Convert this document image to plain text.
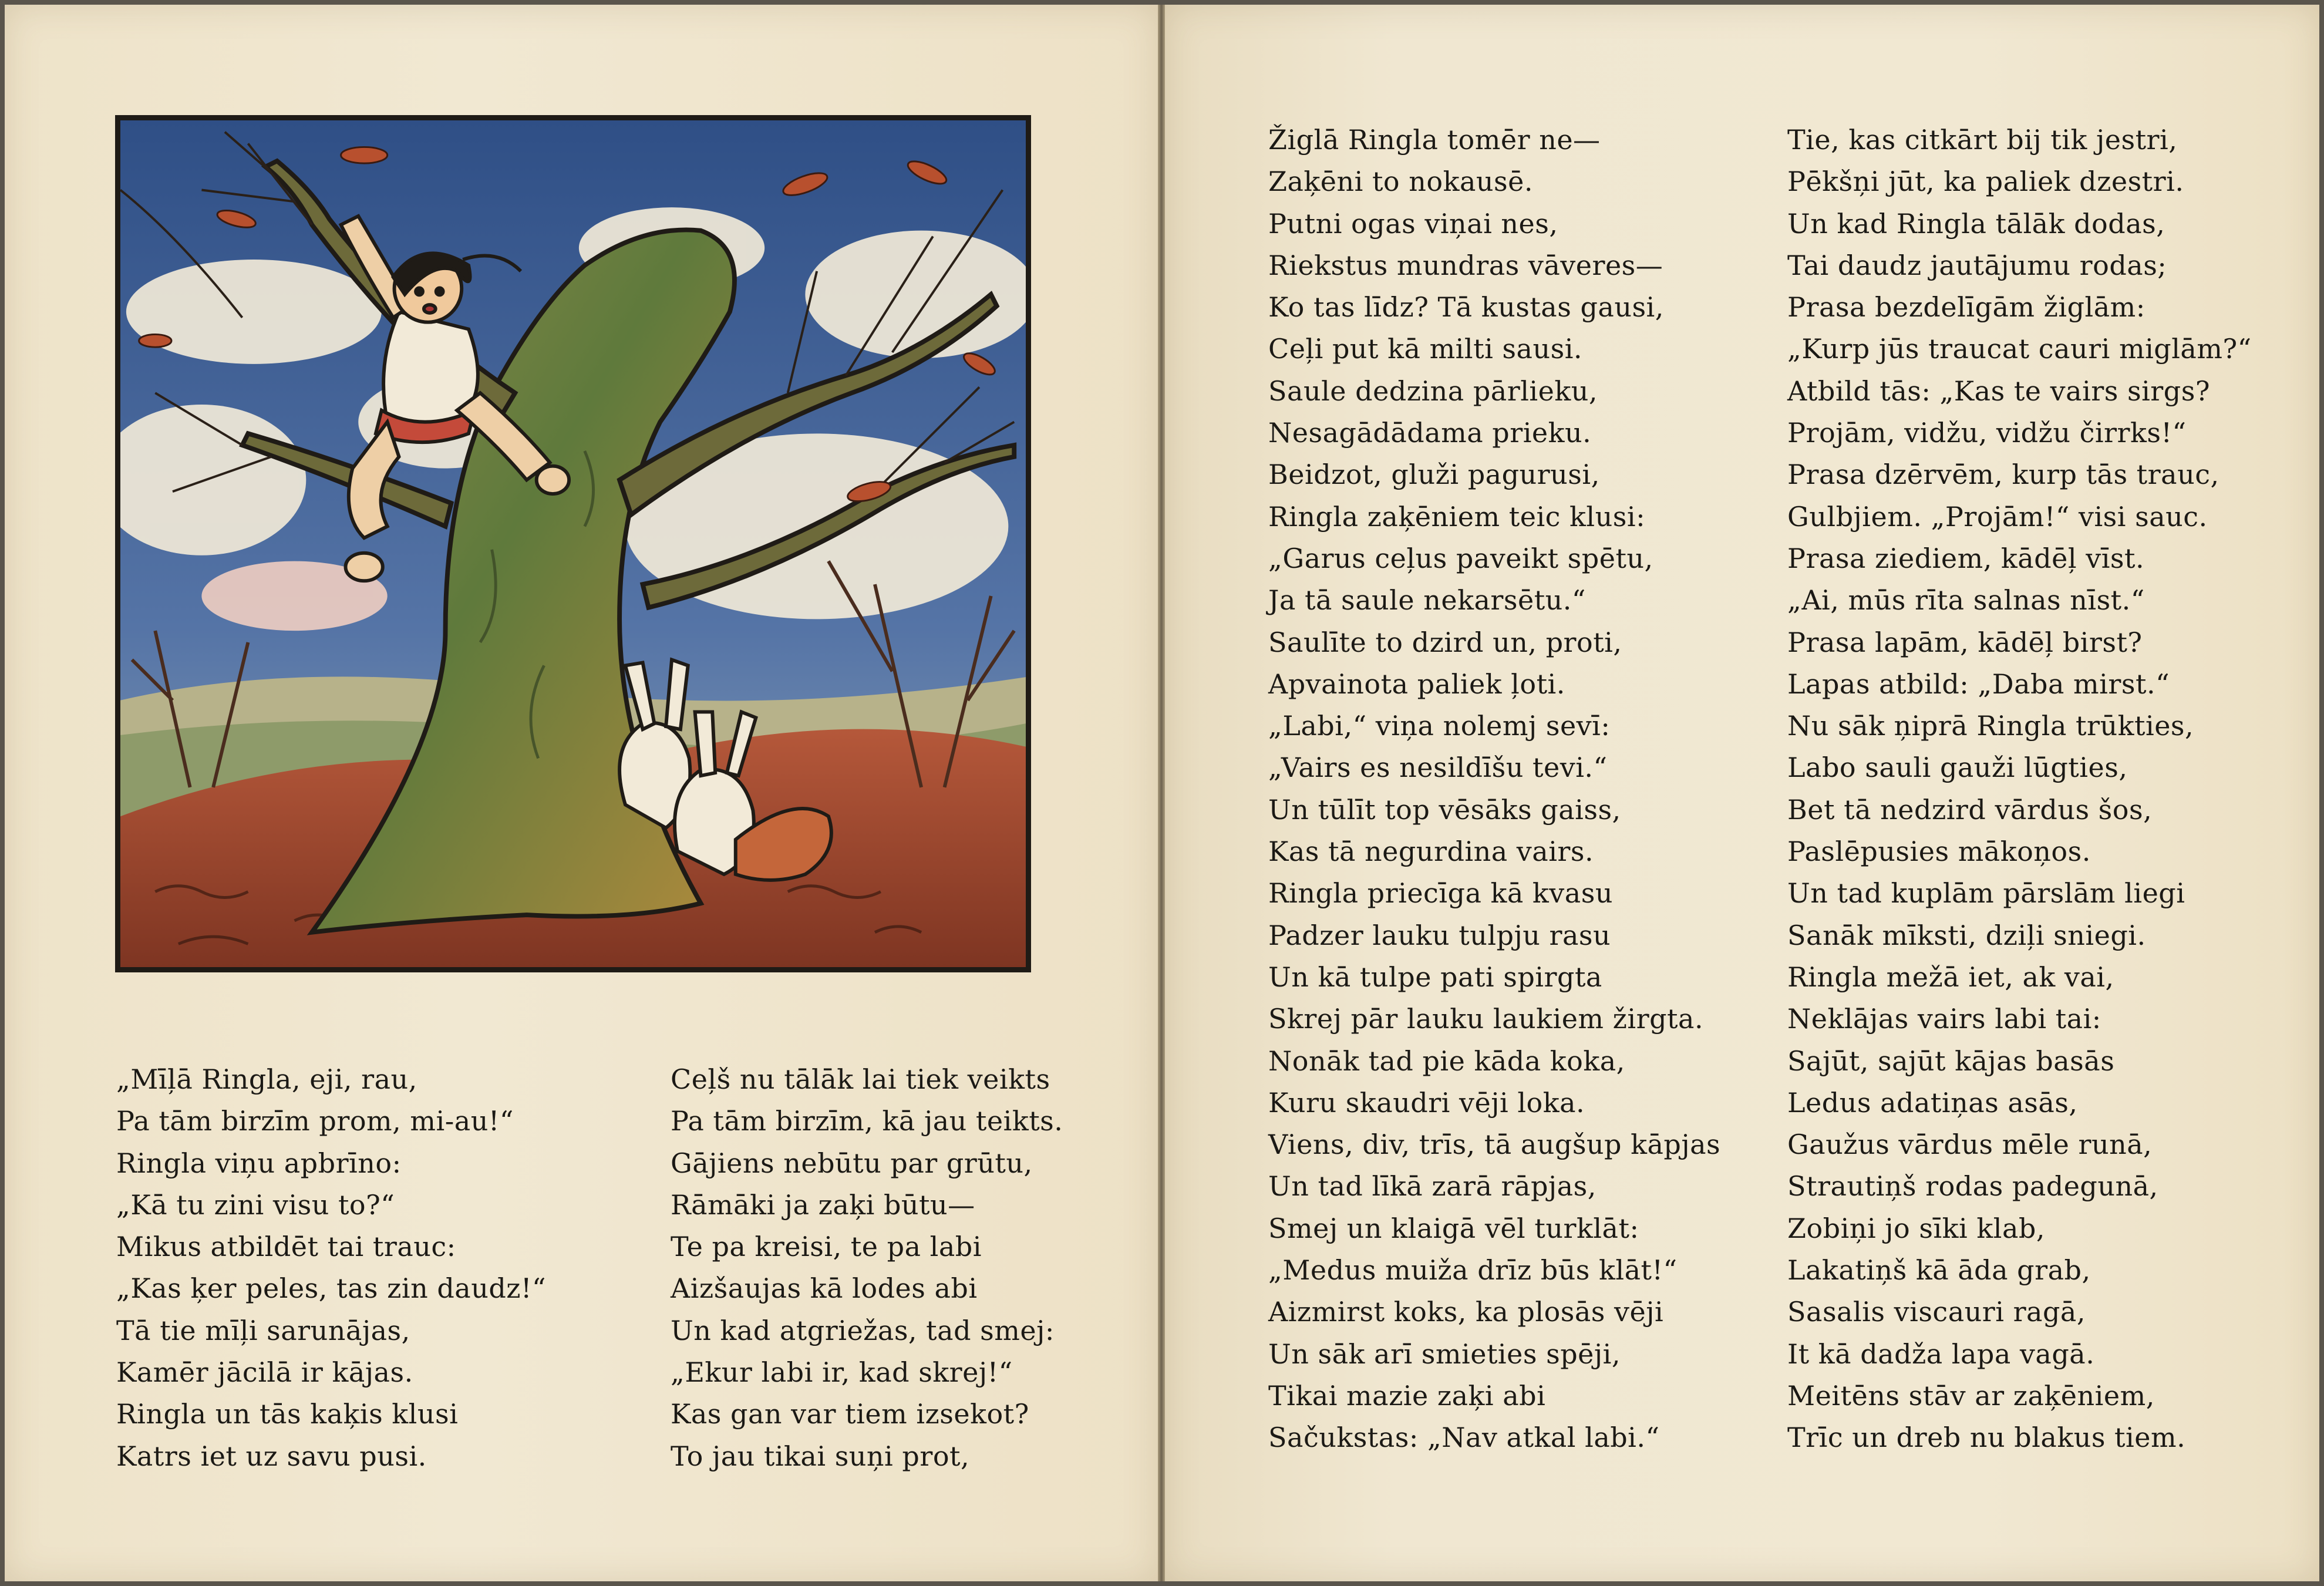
„Mīļā Ringla, eji, rau,
Pa tām birzīm prom, mi-au!“
Ringla viņu apbrīno:
„Kā tu zini visu to?“
Mikus atbildēt tai trauc:
„Kas ķer peles, tas zin daudz!“
Tā tie mīļi sarunājas,
Kamēr jācilā ir kājas.
Ringla un tās kaķis klusi
Katrs iet uz savu pusi.
Ceļš nu tālāk lai tiek veikts
Pa tām birzīm, kā jau teikts.
Gājiens nebūtu par grūtu,
Rāmāki ja zaķi būtu—
Te pa kreisi, te pa labi
Aizšaujas kā lodes abi
Un kad atgriežas, tad smej:
„Ekur labi ir, kad skrej!“
Kas gan var tiem izsekot?
To jau tikai suņi prot,
Žiglā Ringla tomēr ne—
Zaķēni to nokausē.
Putni ogas viņai nes,
Riekstus mundras vāveres—
Ko tas līdz? Tā kustas gausi,
Ceļi put kā milti sausi.
Saule dedzina pārlieku,
Nesagādādama prieku.
Beidzot, gluži pagurusi,
Ringla zaķēniem teic klusi:
„Garus ceļus paveikt spētu,
Ja tā saule nekarsētu.“
Saulīte to dzird un, proti,
Apvainota paliek ļoti.
„Labi,“ viņa nolemj sevī:
„Vairs es nesildīšu tevi.“
Un tūlīt top vēsāks gaiss,
Kas tā negurdina vairs.
Ringla priecīga kā kvasu
Padzer lauku tulpju rasu
Un kā tulpe pati spirgta
Skrej pār lauku laukiem žirgta.
Nonāk tad pie kāda koka,
Kuru skaudri vēji loka.
Viens, div, trīs, tā augšup kāpjas
Un tad līkā zarā rāpjas,
Smej un klaigā vēl turklāt:
„Medus muiža drīz būs klāt!“
Aizmirst koks, ka plosās vēji
Un sāk arī smieties spēji,
Tikai mazie zaķi abi
Sačukstas: „Nav atkal labi.“
Tie, kas citkārt bij tik jestri,
Pēkšņi jūt, ka paliek dzestri.
Un kad Ringla tālāk dodas,
Tai daudz jautājumu rodas;
Prasa bezdelīgām žiglām:
„Kurp jūs traucat cauri miglām?“
Atbild tās: „Kas te vairs sirgs?
Projām, vidžu, vidžu čirrks!“
Prasa dzērvēm, kurp tās trauc,
Gulbjiem. „Projām!“ visi sauc.
Prasa ziediem, kādēļ vīst.
„Ai, mūs rīta salnas nīst.“
Prasa lapām, kādēļ birst?
Lapas atbild: „Daba mirst.“
Nu sāk ņiprā Ringla trūkties,
Labo sauli gauži lūgties,
Bet tā nedzird vārdus šos,
Paslēpusies mākoņos.
Un tad kuplām pārslām liegi
Sanāk mīksti, dziļi sniegi.
Ringla mežā iet, ak vai,
Neklājas vairs labi tai:
Sajūt, sajūt kājas basās
Ledus adatiņas asās,
Gaužus vārdus mēle runā,
Strautiņš rodas padegunā,
Zobiņi jo sīki klab,
Lakatiņš kā āda grab,
Sasalis viscauri ragā,
It kā dadža lapa vagā.
Meitēns stāv ar zaķēniem,
Trīc un dreb nu blakus tiem.
